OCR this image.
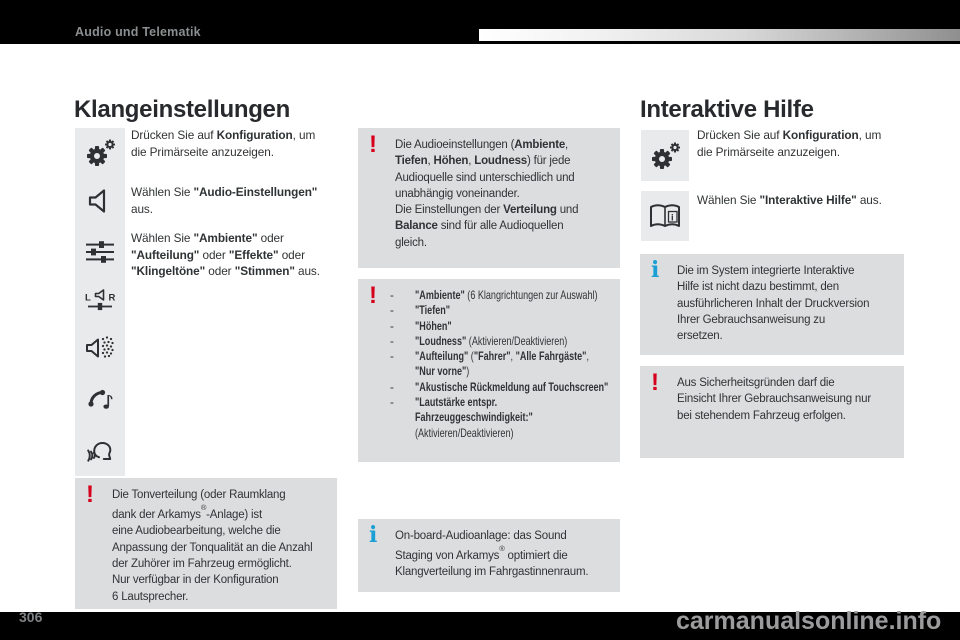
Audio und Telematik
Klangeinstellungen
L R
Drücken Sie auf Konfiguration, um
die Primärseite anzuzeigen.
Wählen Sie "Audio-Einstellungen"
aus.
Wählen Sie "Ambiente" oder
"Aufteilung" oder "Effekte" oder
"Klingeltöne" oder "Stimmen" aus.
! Die Tonverteilung (oder Raumklang
dank der Arkamys®-Anlage) ist
eine Audiobearbeitung, welche die
Anpassung der Tonqualität an die Anzahl
der Zuhörer im Fahrzeug ermöglicht.
Nur verfügbar in der Konfiguration
6 Lautsprecher.
! Die Audioeinstellungen (Ambiente,
Tiefen, Höhen, Loudness) für jede
Audioquelle sind unterschiedlich und
unabhängig voneinander.
Die Einstellungen der Verteilung und
Balance sind für alle Audioquellen
gleich.
! -	"Ambiente" (6 Klangrichtungen zur Auswahl)
-	"Tiefen"
-	"Höhen"
-	"Loudness" (Aktivieren/Deaktivieren)
-	"Aufteilung" ("Fahrer", "Alle Fahrgäste",
"Nur vorne")
-	"Akustische Rückmeldung auf Touchscreen"
-	"Lautstärke entspr.
Fahrzeuggeschwindigkeit:"
(Aktivieren/Deaktivieren)
i On-board-Audioanlage: das Sound
Staging von Arkamys® optimiert die
Klangverteilung im Fahrgastinnenraum.
Interaktive Hilfe
i
Drücken Sie auf Konfiguration, um
die Primärseite anzuzeigen.
Wählen Sie "Interaktive Hilfe" aus.
i Die im System integrierte Interaktive
Hilfe ist nicht dazu bestimmt, den
ausführlicheren Inhalt der Druckversion
Ihrer Gebrauchsanweisung zu
ersetzen.
! Aus Sicherheitsgründen darf die
Einsicht Ihrer Gebrauchsanweisung nur
bei stehendem Fahrzeug erfolgen.
306	carmanualsonline.info
